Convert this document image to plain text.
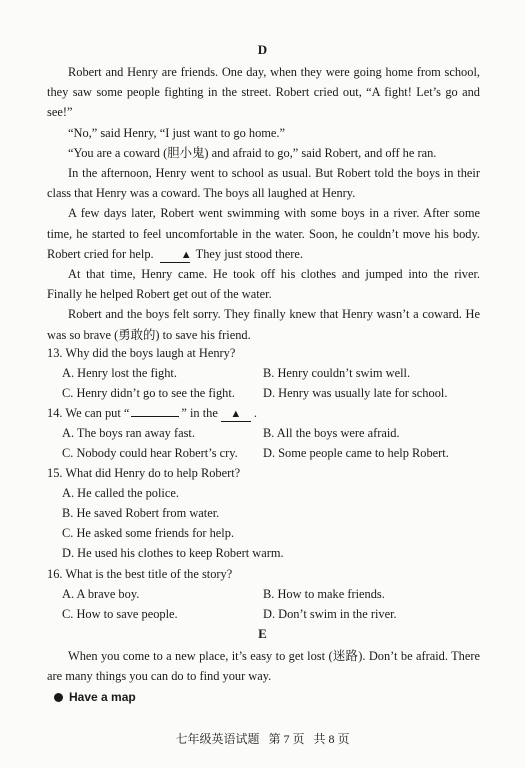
D
Robert and Henry are friends. One day, when they were going home from school, they saw some people fighting in the street. Robert cried out, “A fight! Let’s go and see!”
“No,” said Henry, “I just want to go home.”
“You are a coward (胆小鬼) and afraid to go,” said Robert, and off he ran.
In the afternoon, Henry went to school as usual. But Robert told the boys in their class that Henry was a coward. The boys all laughed at Henry.
A few days later, Robert went swimming with some boys in a river. After some time, he started to feel uncomfortable in the water. Soon, he couldn’t move his body. Robert cried for help. ▲ They just stood there.
At that time, Henry came. He took off his clothes and jumped into the river. Finally he helped Robert get out of the water.
Robert and the boys felt sorry. They finally knew that Henry wasn’t a coward. He was so brave (勇敢的) to save his friend.
13. Why did the boys laugh at Henry?
A. Henry lost the fight.	B. Henry couldn’t swim well.
C. Henry didn’t go to see the fight. D. Henry was usually late for school.
14. We can put “	” in the ▲ .
A. The boys ran away fast.	B. All the boys were afraid.
C. Nobody could hear Robert’s cry. D. Some people came to help Robert.
15. What did Henry do to help Robert?
A. He called the police.
B. He saved Robert from water.
C. He asked some friends for help.
D. He used his clothes to keep Robert warm.
16. What is the best title of the story?
A. A brave boy.	B. How to make friends.
C. How to save people.	D. Don’t swim in the river.
E
When you come to a new place, it’s easy to get lost (迷路). Don’t be afraid. There are many things you can do to find your way.
Have a map
七年级英语试题 第 7 页 共 8 页
